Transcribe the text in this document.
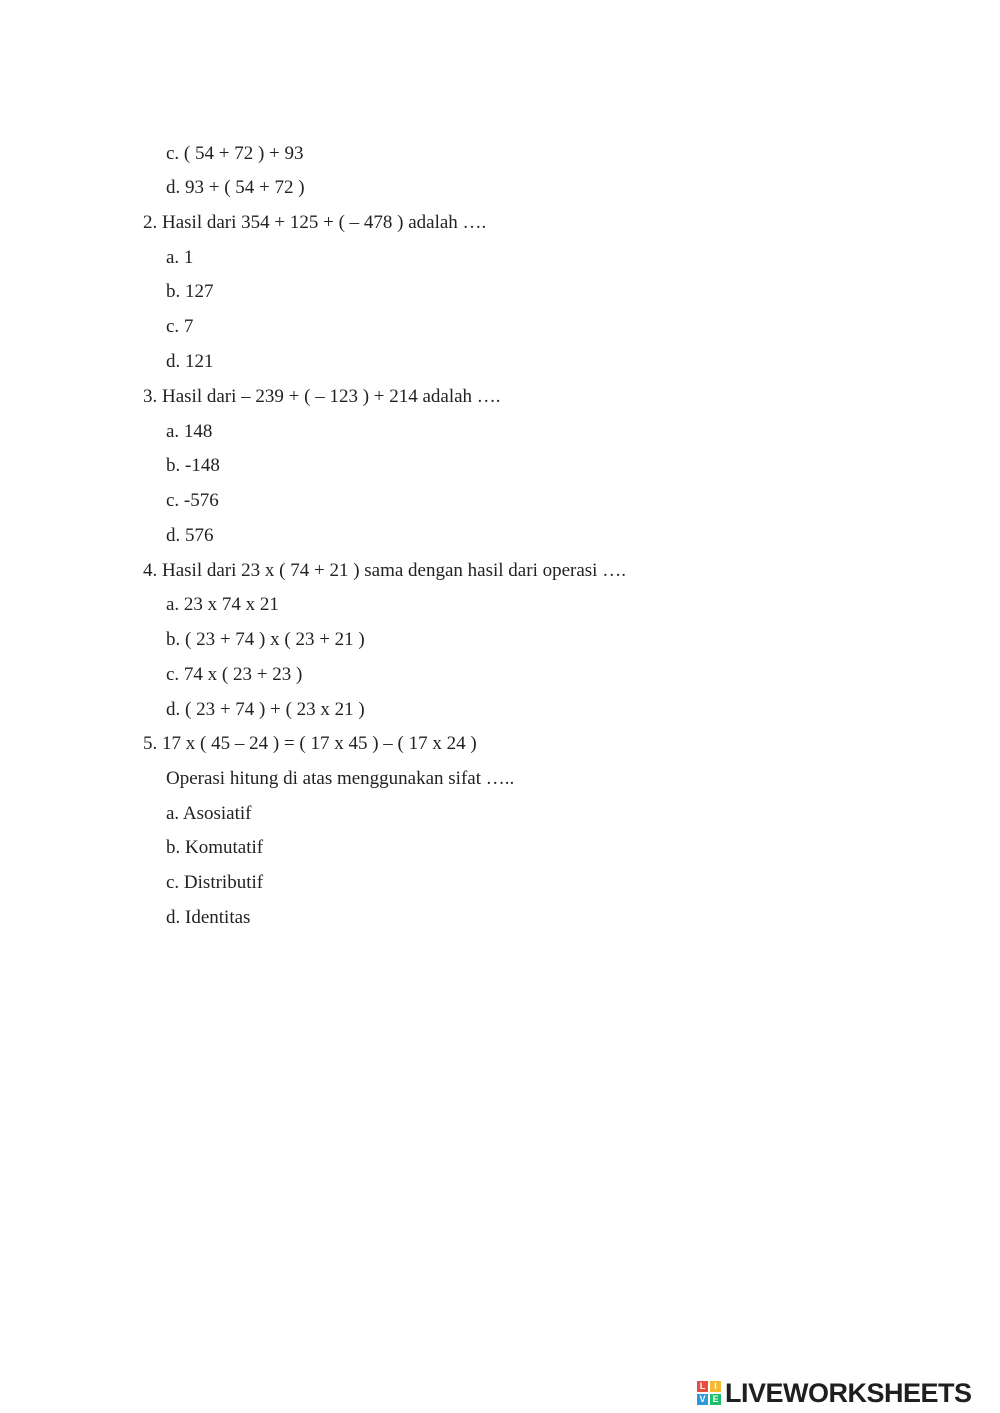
c. ( 54 + 72 ) + 93
d. 93 + ( 54 + 72 )
2. Hasil dari 354 + 125 + ( – 478 ) adalah ….
a. 1
b. 127
c. 7
d. 121
3. Hasil dari – 239 + ( – 123 ) + 214 adalah ….
a. 148
b. -148
c. -576
d. 576
4. Hasil dari 23 x ( 74 + 21 ) sama dengan hasil dari operasi ….
a. 23 x 74 x 21
b. ( 23 + 74 ) x ( 23 + 21 )
c. 74 x ( 23 + 23 )
d. ( 23 + 74 ) + ( 23 x 21 )
5. 17 x ( 45 – 24 ) = ( 17 x 45 ) – ( 17 x 24 )
Operasi hitung di atas menggunakan sifat …..
a. Asosiatif
b. Komutatif
c. Distributif
d. Identitas
L I
V E LIVEWORKSHEETS
